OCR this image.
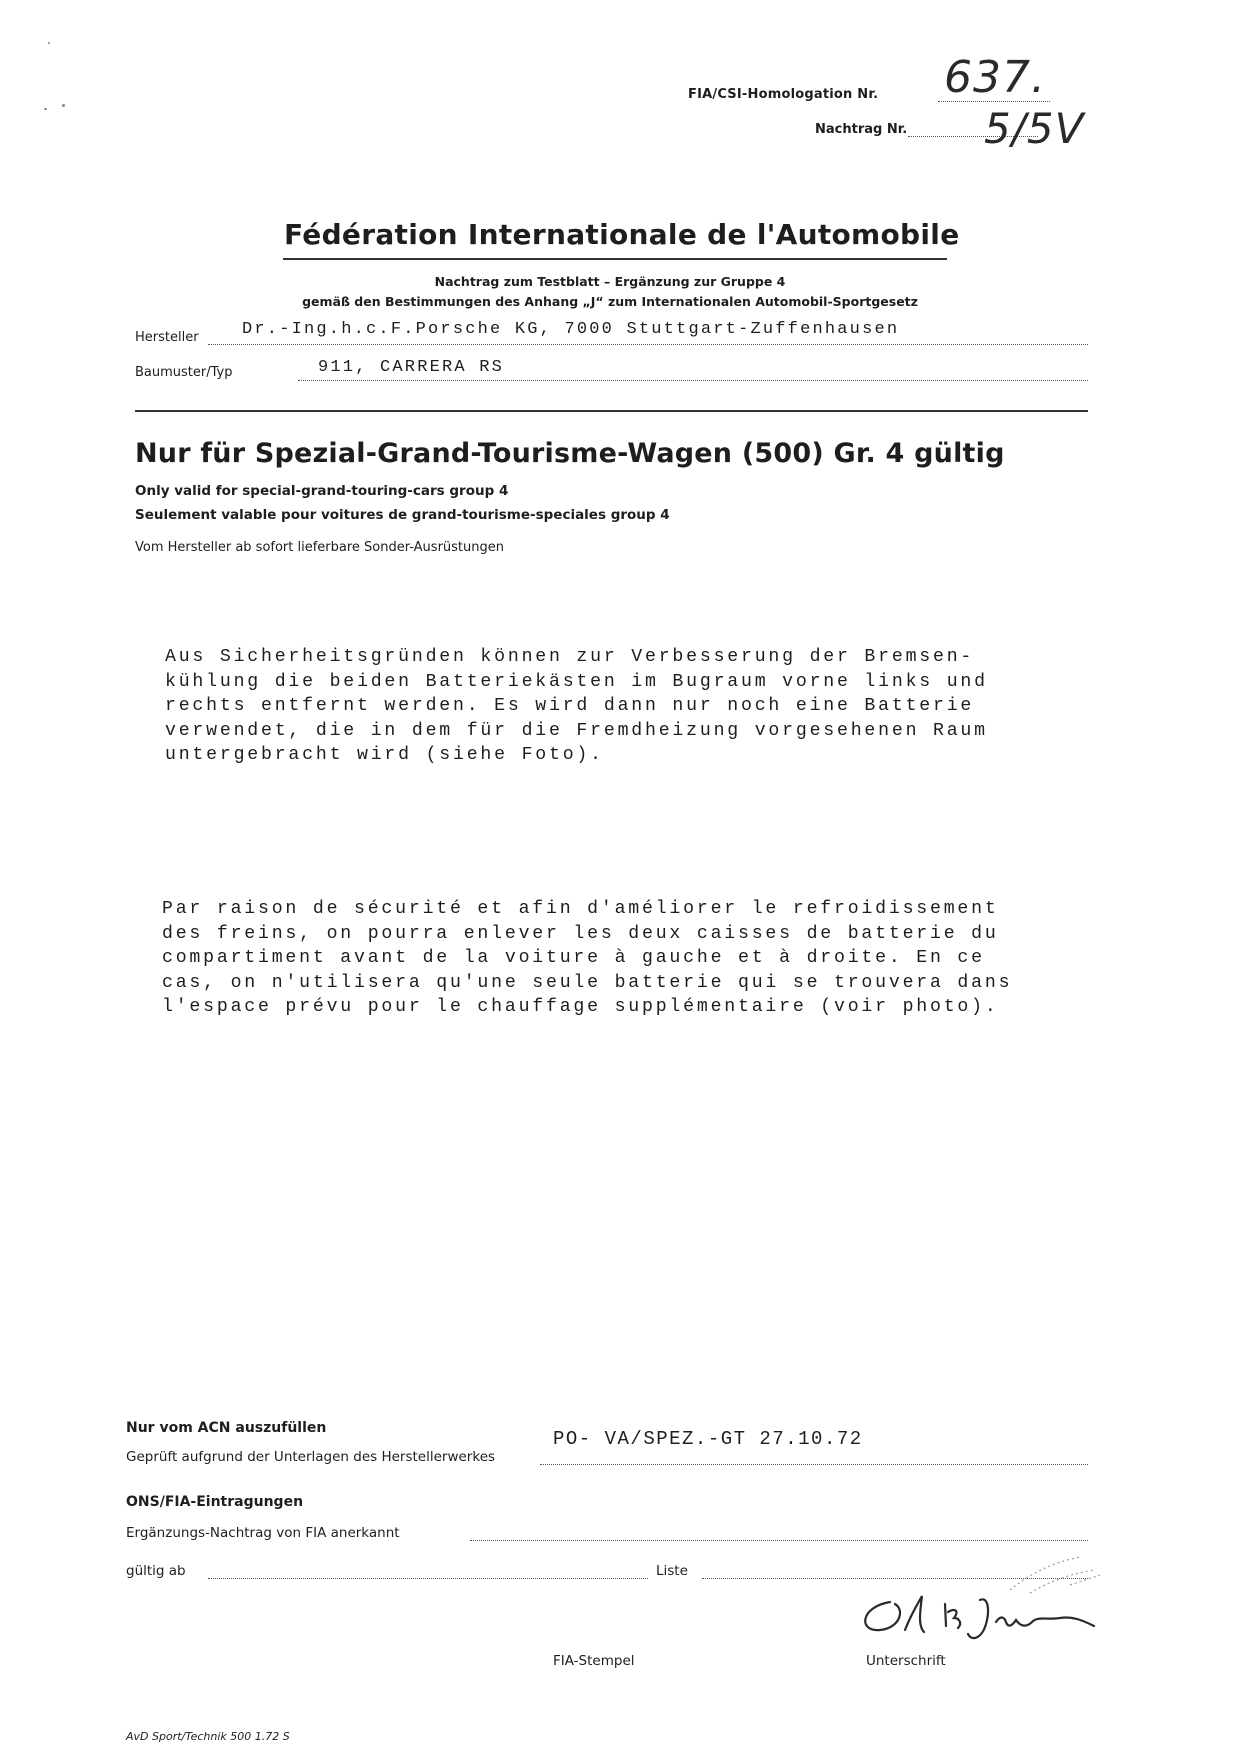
FIA/CSI-Homologation Nr. 637.
Nachtrag Nr. 5/5V
Fédération Internationale de l'Automobile
Nachtrag zum Testblatt – Ergänzung zur Gruppe 4
gemäß den Bestimmungen des Anhang „J“ zum Internationalen Automobil-Sportgesetz
Hersteller	Dr.-Ing.h.c.F.Porsche KG, 7000 Stuttgart-Zuffenhausen
Baumuster/Typ	911, CARRERA RS
Nur für Spezial-Grand-Tourisme-Wagen (500) Gr. 4 gültig
Only valid for special-grand-touring-cars group 4
Seulement valable pour voitures de grand-tourisme-speciales group 4
Vom Hersteller ab sofort lieferbare Sonder-Ausrüstungen
Aus Sicherheitsgründen können zur Verbesserung der Bremsen-
kühlung die beiden Batteriekästen im Bugraum vorne links und
rechts entfernt werden. Es wird dann nur noch eine Batterie
verwendet, die in dem für die Fremdheizung vorgesehenen Raum
untergebracht wird (siehe Foto).
Par raison de sécurité et afin d'améliorer le refroidissement
des freins, on pourra enlever les deux caisses de batterie du
compartiment avant de la voiture à gauche et à droite. En ce
cas, on n'utilisera qu'une seule batterie qui se trouvera dans
l'espace prévu pour le chauffage supplémentaire (voir photo).
Nur vom ACN auszufüllen
Geprüft aufgrund der Unterlagen des Herstellerwerkes
PO- VA/SPEZ.-GT 27.10.72
ONS/FIA-Eintragungen
Ergänzungs-Nachtrag von FIA anerkannt
gültig ab	Liste
FIA-Stempel	Unterschrift
AvD Sport/Technik 500 1.72 S
